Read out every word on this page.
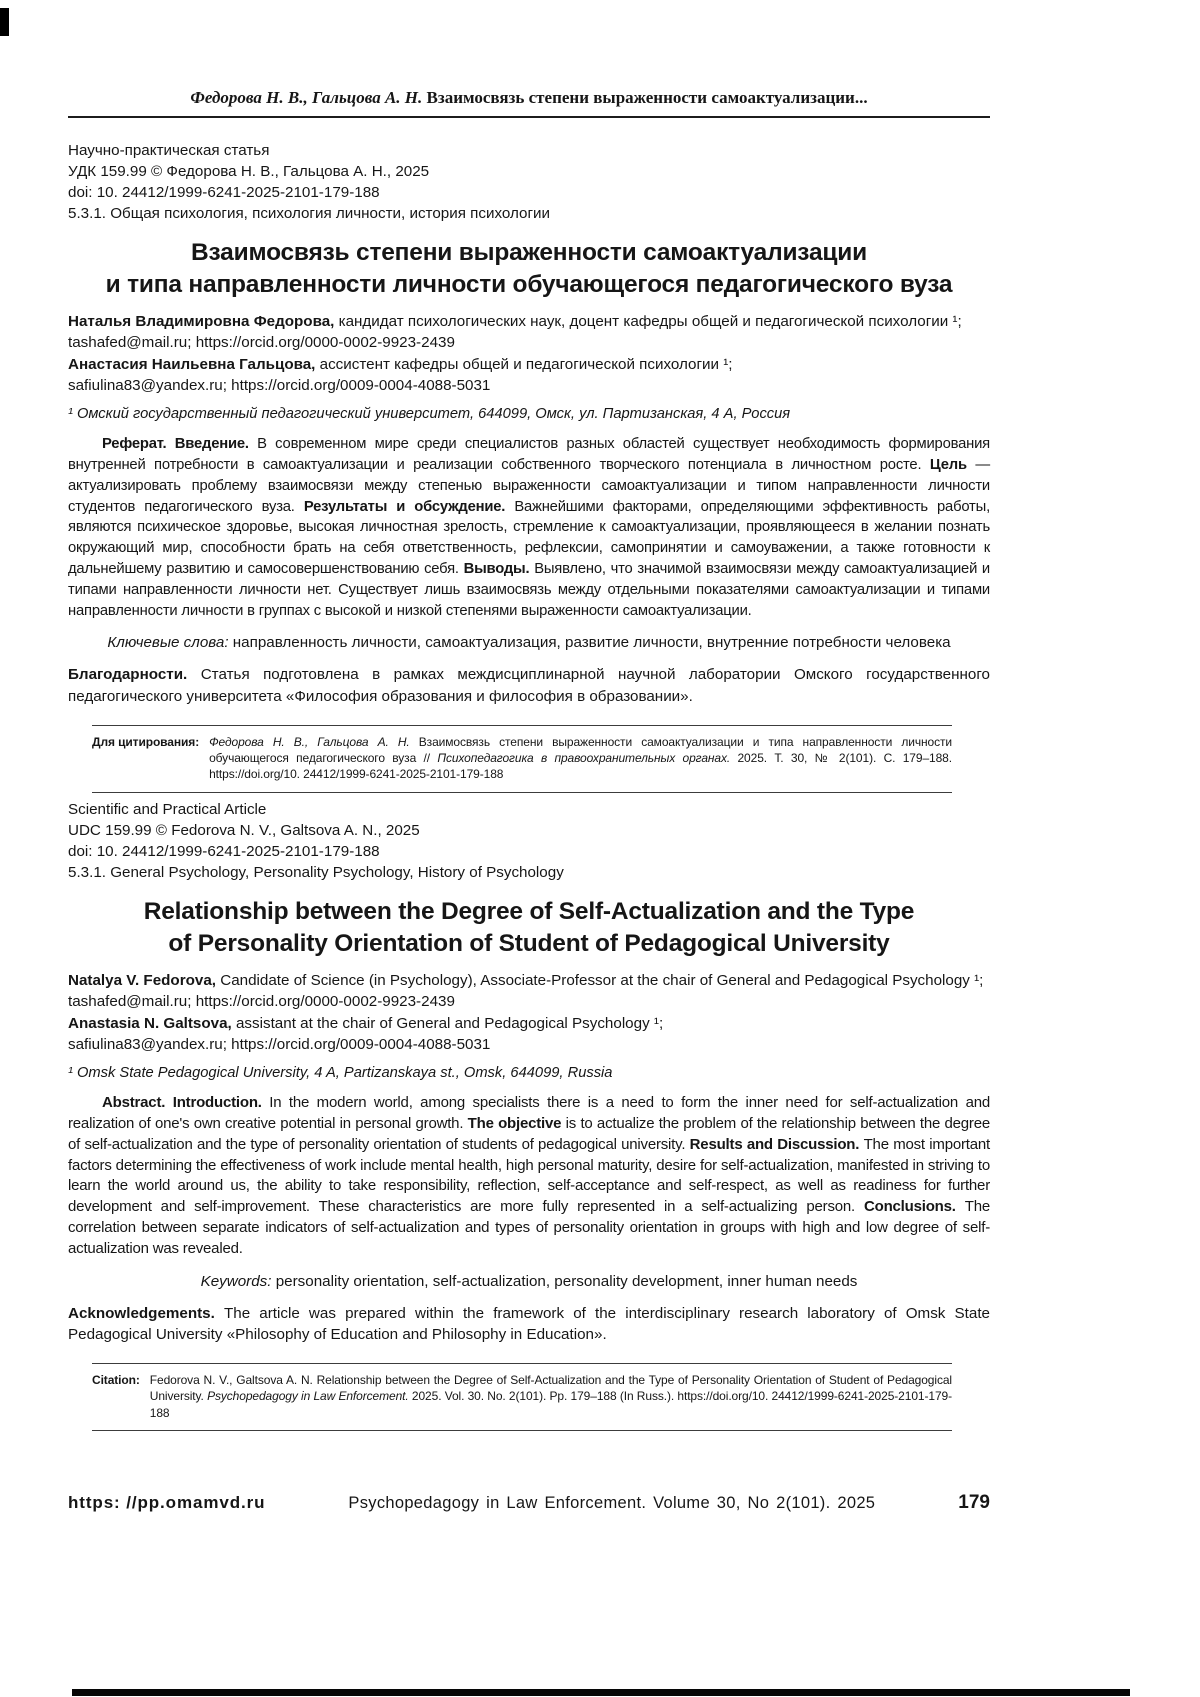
Федорова Н. В., Гальцова А. Н. Взаимосвязь степени выраженности самоактуализации...
Научно-практическая статья
УДК 159.99 © Федорова Н. В., Гальцова А. Н., 2025
doi: 10. 24412/1999-6241-2025-2101-179-188
5.3.1. Общая психология, психология личности, история психологии
Взаимосвязь степени выраженности самоактуализации
и типа направленности личности обучающегося педагогического вуза

Наталья Владимировна Федорова, кандидат психологических наук, доцент кафедры общей и педагогической психологии ¹;

tashafed@mail.ru; https://orcid.org/0000-0002-9923-2439

Анастасия Наильевна Гальцова, ассистент кафедры общей и педагогической психологии ¹;

safiulina83@yandex.ru; https://orcid.org/0009-0004-4088-5031

¹ Омский государственный педагогический университет, 644099, Омск, ул. Партизанская, 4 А, Россия

Реферат. Введение. В современном мире среди специалистов разных областей существует необходимость формирования внутренней потребности в самоактуализации и реализации собственного творческого потенциала в личностном росте. Цель — актуализировать проблему взаимосвязи между степенью выраженности самоактуализации и типом направленности личности студентов педагогического вуза. Результаты и обсуждение. Важнейшими факторами, определяющими эффективность работы, являются психическое здоровье, высокая личностная зрелость, стремление к самоактуализации, проявляющееся в желании познать окружающий мир, способности брать на себя ответственность, рефлексии, самопринятии и самоуважении, а также готовности к дальнейшему развитию и самосовершенствованию себя. Выводы. Выявлено, что значимой взаимосвязи между самоактуализацией и типами направленности личности нет. Существует лишь взаимосвязь между отдельными показателями самоактуализации и типами направленности личности в группах с высокой и низкой степенями выраженности самоактуализации.

Ключевые слова: направленность личности, самоактуализация, развитие личности, внутренние потребности человека

Благодарности. Статья подготовлена в рамках междисциплинарной научной лаборатории Омского государственного педагогического университета «Философия образования и философия в образовании».

Для цитирования: Федорова Н. В., Гальцова А. Н. Взаимосвязь степени выраженности самоактуализации и типа направленности личности обучающегося педагогического вуза // Психопедагогика в правоохранительных органах. 2025. Т. 30, № 2(101). С. 179–188. https://doi.org/10. 24412/1999-6241-2025-2101-179-188
Scientific and Practical Article
UDC 159.99 © Fedorova N. V., Galtsova A. N., 2025
doi: 10. 24412/1999-6241-2025-2101-179-188
5.3.1. General Psychology, Personality Psychology, History of Psychology
Relationship between the Degree of Self-Actualization and the Type
of Personality Orientation of Student of Pedagogical University

Natalya V. Fedorova, Candidate of Science (in Psychology), Associate-Professor at the chair of General and Pedagogical Psychology ¹;

tashafed@mail.ru; https://orcid.org/0000-0002-9923-2439

Anastasia N. Galtsova, assistant at the chair of General and Pedagogical Psychology ¹;

safiulina83@yandex.ru; https://orcid.org/0009-0004-4088-5031

¹ Omsk State Pedagogical University, 4 A, Partizanskaya st., Omsk, 644099, Russia

Abstract. Introduction. In the modern world, among specialists there is a need to form the inner need for self-actualization and realization of one's own creative potential in personal growth. The objective is to actualize the problem of the relationship between the degree of self-actualization and the type of personality orientation of students of pedagogical university. Results and Discussion. The most important factors determining the effectiveness of work include mental health, high personal maturity, desire for self-actualization, manifested in striving to learn the world around us, the ability to take responsibility, reflection, self-acceptance and self-respect, as well as readiness for further development and self-improvement. These characteristics are more fully represented in a self-actualizing person. Conclusions. The correlation between separate indicators of self-actualization and types of personality orientation in groups with high and low degree of self-actualization was revealed.

Keywords: personality orientation, self-actualization, personality development, inner human needs

Acknowledgements. The article was prepared within the framework of the interdisciplinary research laboratory of Omsk State Pedagogical University «Philosophy of Education and Philosophy in Education».

Citation: Fedorova N. V., Galtsova A. N. Relationship between the Degree of Self-Actualization and the Type of Personality Orientation of Student of Pedagogical University. Psychopedagogy in Law Enforcement. 2025. Vol. 30. No. 2(101). Pp. 179–188 (In Russ.). https://doi.org/10. 24412/1999-6241-2025-2101-179-188
https: //pp.omamvd.ru	Psychopedagogy in Law Enforcement. Volume 30, No 2(101). 2025	179
